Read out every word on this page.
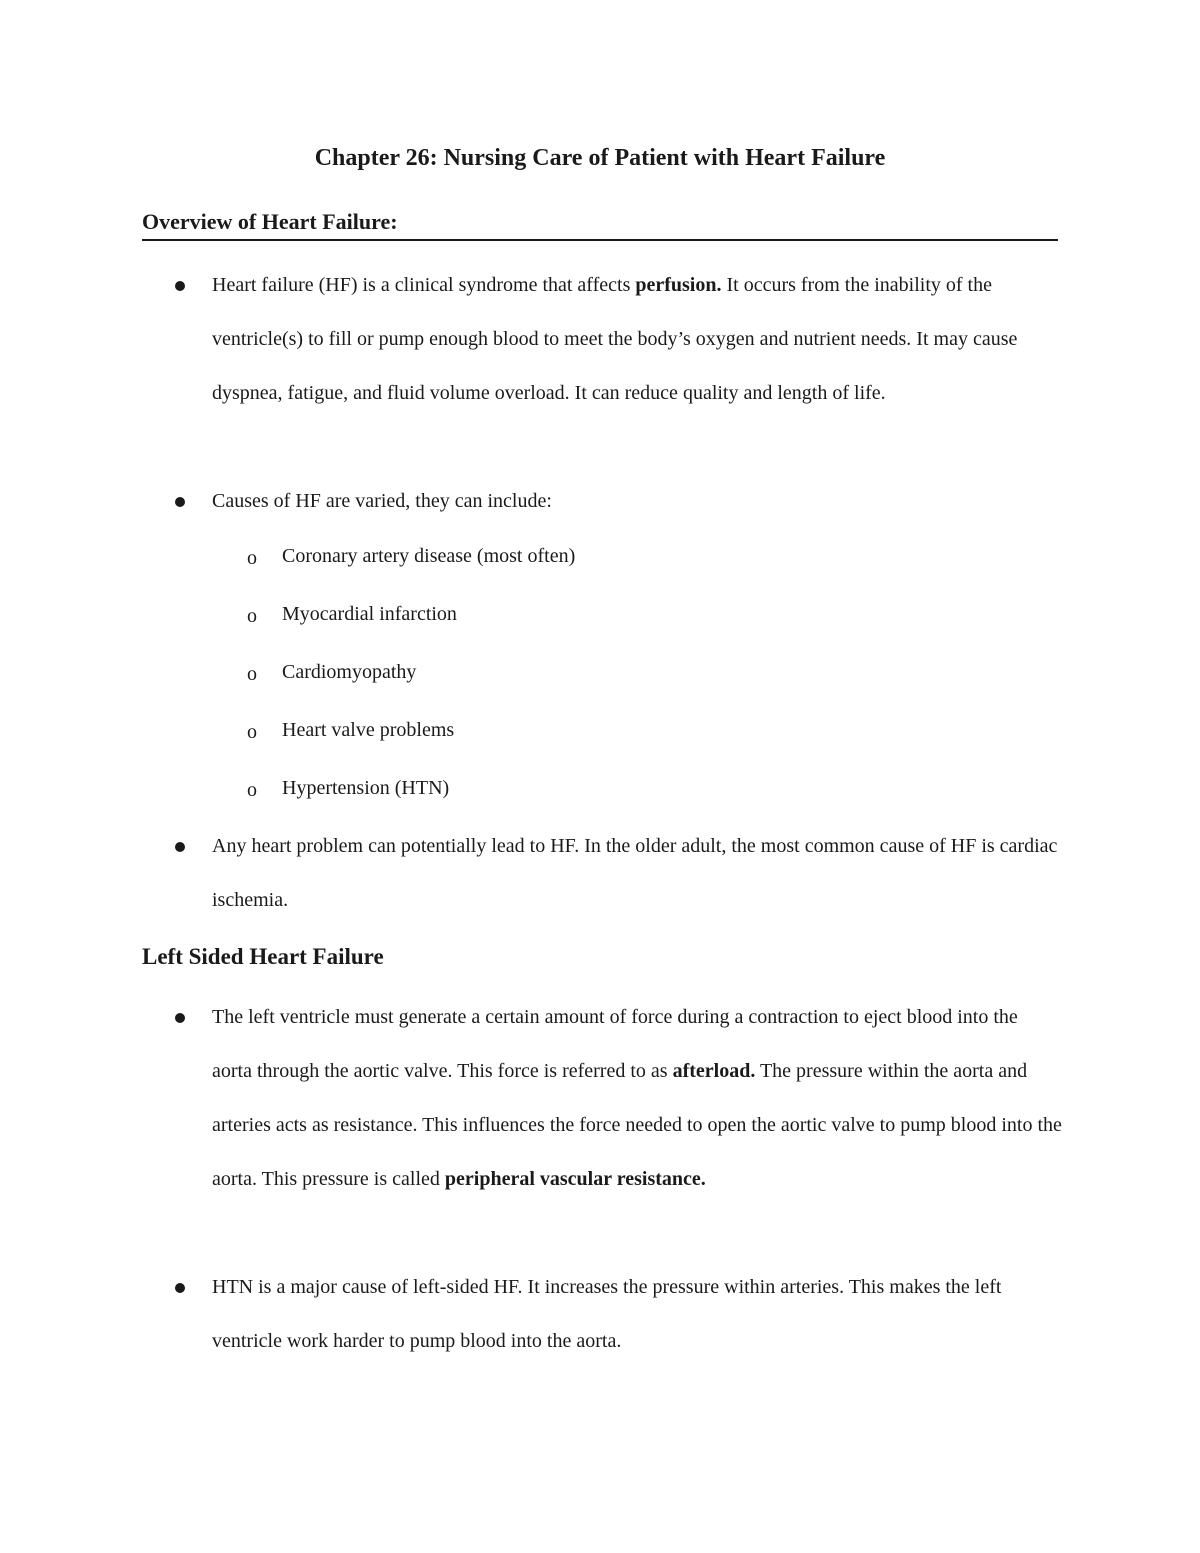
Chapter 26: Nursing Care of Patient with Heart Failure
Overview of Heart Failure:
Heart failure (HF) is a clinical syndrome that affects perfusion. It occurs from the inability of the ventricle(s) to fill or pump enough blood to meet the body’s oxygen and nutrient needs. It may cause dyspnea, fatigue, and fluid volume overload. It can reduce quality and length of life.
Causes of HF are varied, they can include:
o Coronary artery disease (most often)
o Myocardial infarction
o Cardiomyopathy
o Heart valve problems
o Hypertension (HTN)
Any heart problem can potentially lead to HF. In the older adult, the most common cause of HF is cardiac ischemia.
Left Sided Heart Failure
The left ventricle must generate a certain amount of force during a contraction to eject blood into the aorta through the aortic valve. This force is referred to as afterload. The pressure within the aorta and arteries acts as resistance. This influences the force needed to open the aortic valve to pump blood into the aorta. This pressure is called peripheral vascular resistance.
HTN is a major cause of left-sided HF. It increases the pressure within arteries. This makes the left ventricle work harder to pump blood into the aorta.
